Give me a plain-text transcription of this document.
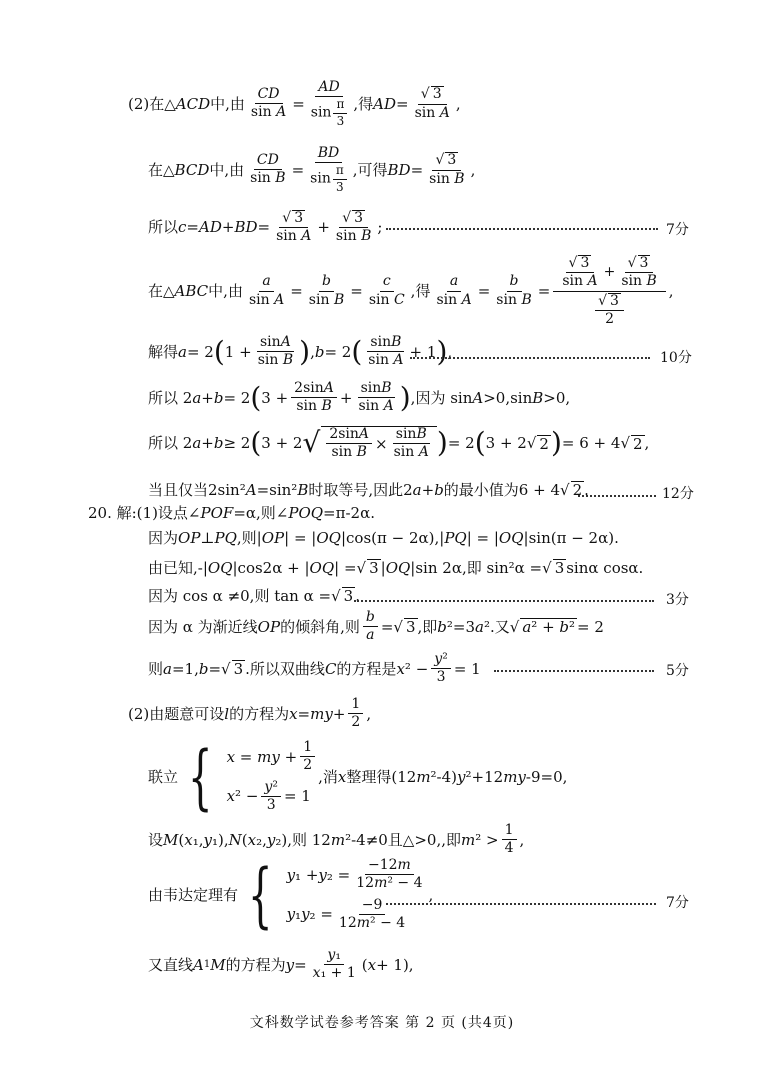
(2)在△ ACD 中,由 $\frac{CD}{\text{sin A}} = \frac{AD}{\sin \frac{\pi}{3}}$ ,得 AD = $\frac{√ 3}{\text{sin A}}$ ,
在△ BCD 中,由 $\frac{CD}{\text{sin B}} = \frac{BD}{\sin \frac{\pi}{3}}$ ,可得 BD = $\frac{√ 3}{\text{sin B}}$ ,
所以 c = AD + BD = $\frac{√ 3}{\text{sin A}} + \frac{√ 3}{\text{sin B}}$ ;	7分
在△ ABC 中,由 $\frac{a}{\text{sin A}} = \frac{b}{\text{sin B}} = \frac{c}{\text{sin C}}$ ,得 $\frac{a}{\text{sin A}} = \frac{b}{\text{sin B}}$ = √ 3
sin A
+
√ 3
sin B
$\frac{√ 3}{2}$ ,
解得 a = 2 ( $1 + \frac{\sin A}{\text{sin B}}$ ) , b = 2 ( sinB
sin A + 1 ) ,	10分
所以 2 a + b = 2 ( $3 + \frac{2\sin A}{\text{sin B}} + \frac{\sin B}{\text{sin A}}$ ) ,因为 sin A >0,sin B >0,
所以 2 a + b ≥ 2 ( 3 + 2 √ $\frac{2\sin A}{\text{sin B}} \times \frac{\sin B}{\text{sin A}}$ ) = 2 ( 3 + 2 √ 2 ) = 6 + 4 √ 2 ,
当且仅当2sin² A =sin² B 时取等号,因此2 a + b 的最小值为6 + 4 √ 2 .	12分
20. 解:(1)设点∠ POF =α,则∠ POQ =π-2α.
因为 OP ⊥ PQ ,则| OP | = | OQ |cos(π − 2α),| PQ | = | OQ |sin(π − 2α).
由已知,-| OQ |cos2α + | OQ | = √ 3 | OQ |sin 2α,即 sin²α = √ 3 sinα cosα.
因为 cos α ≠0,则 tan α = √ 3 .	3分
因为 α 为渐近线 OP 的倾斜角,则 $\frac{b}{a}$ = √ 3 ,即 b ²=3 a ².又 √ a² + b² = 2
则 a =1, b = √ 3 .所以双曲线 C 的方程是 x $^2 - \frac{\text{y²}}{3} = 1$	5分
(2)由题意可设 l 的方程为 x = my + $\frac{1}{2}$ ,
联立 { x = my +
1
2
x ² −
y²
3 = 1
,消 x 整理得(12 m ²-4) y ²+12 my -9=0,
设 M ( x ₁, y ₁), N ( x ₂, y ₂),则 12 m ²-4≠0且△>0,,即 m ² >
1
4 ,
由韦达定理有 { y ₁ + y ₂ =
−12m
12m² − 4
y ₁ y ₂ =
−9
12m² − 4
,	7分
又直线 A 1 M 的方程为 $y = \frac{\text{y₁}}{\text{x₁ + 1}}$ ( x + 1),
文科数学试卷参考答案 第 2 页 (共4页)
